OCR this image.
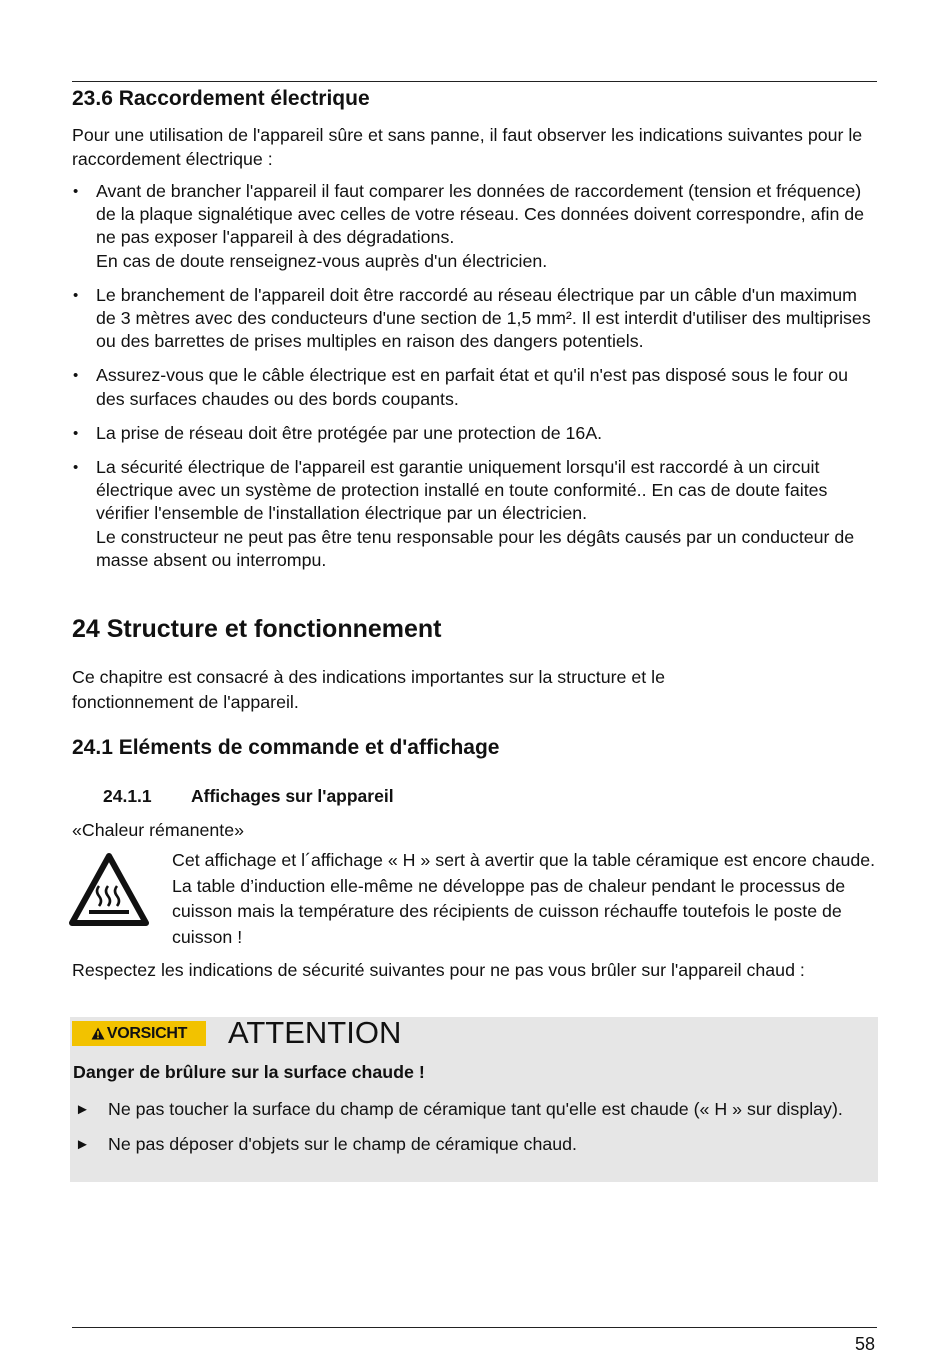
23.6 Raccordement électrique

Pour une utilisation de l'appareil sûre et sans panne, il faut observer les indications suivantes pour le raccordement électrique :

• Avant de brancher l'appareil il faut comparer les données de raccordement (tension et fréquence) de la plaque signalétique avec celles de votre réseau. Ces données doivent correspondre, afin de ne pas exposer l'appareil à des dégradations.
En cas de doute renseignez-vous auprès d'un électricien.
• Le branchement de l'appareil doit être raccordé au réseau électrique par un câble d'un maximum de 3 mètres avec des conducteurs d'une section de 1,5 mm². Il est interdit d'utiliser des multiprises ou des barrettes de prises multiples en raison des dangers potentiels.
• Assurez-vous que le câble électrique est en parfait état et qu'il n'est pas disposé sous le four ou des surfaces chaudes ou des bords coupants.
• La prise de réseau doit être protégée par une protection de 16A.
• La sécurité électrique de l'appareil est garantie uniquement lorsqu'il est raccordé à un circuit électrique avec un système de protection installé en toute conformité.. En cas de doute faites vérifier l'ensemble de l'installation électrique par un électricien.
Le constructeur ne peut pas être tenu responsable pour les dégâts causés par un conducteur de masse absent ou interrompu.
24 Structure et fonctionnement

Ce chapitre est consacré à des indications importantes sur la structure et le fonctionnement de l'appareil.

24.1 Eléments de commande et d'affichage
24.1.1 Affichages sur l'appareil

«Chaleur rémanente»

Cet affichage et l´affichage « H » sert à avertir que la table céramique est encore chaude. La table d’induction elle-même ne développe pas de chaleur pendant le processus de cuisson mais la température des récipients de cuisson réchauffe toutefois le poste de cuisson !

Respectez les indications de sécurité suivantes pour ne pas vous brûler sur l'appareil chaud :

VORSICHT ATTENTION

Danger de brûlure sur la surface chaude !

► Ne pas toucher la surface du champ de céramique tant qu'elle est chaude (« H » sur display).
► Ne pas déposer d'objets sur le champ de céramique chaud.
58
